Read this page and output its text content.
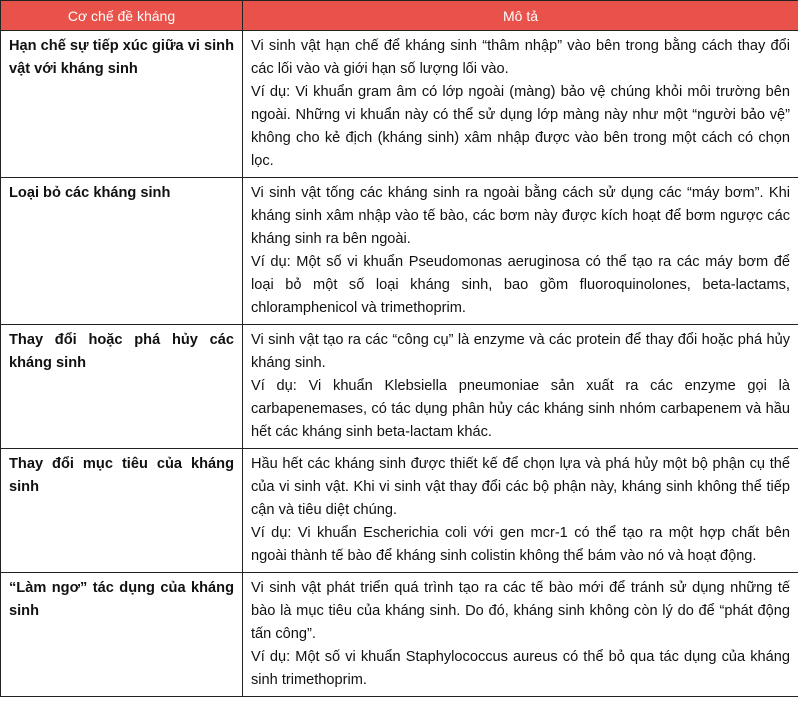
Cơ chế đề kháng	Mô tả
Hạn chế sự tiếp xúc giữa vi sinh vật với kháng sinh	Vi sinh vật hạn chế để kháng sinh “thâm nhập” vào bên trong bằng cách thay đổi các lối vào và giới hạn số lượng lối vào.

Ví dụ: Vi khuẩn gram âm có lớp ngoài (màng) bảo vệ chúng khỏi môi trường bên ngoài. Những vi khuẩn này có thể sử dụng lớp màng này như một “người bảo vệ” không cho kẻ địch (kháng sinh) xâm nhập được vào bên trong một cách có chọn lọc.

Loại bỏ các kháng sinh	Vi sinh vật tống các kháng sinh ra ngoài bằng cách sử dụng các “máy bơm”. Khi kháng sinh xâm nhập vào tế bào, các bơm này được kích hoạt để bơm ngược các kháng sinh ra bên ngoài.

Ví dụ: Một số vi khuẩn Pseudomonas aeruginosa có thể tạo ra các máy bơm để loại bỏ một số loại kháng sinh, bao gồm fluoroquinolones, beta-lactams, chloramphenicol và trimethoprim.

Thay đổi hoặc phá hủy các kháng sinh	Vi sinh vật tạo ra các “công cụ” là enzyme và các protein để thay đổi hoặc phá hủy kháng sinh.

Ví dụ: Vi khuẩn Klebsiella pneumoniae sản xuất ra các enzyme gọi là carbapenemases, có tác dụng phân hủy các kháng sinh nhóm carbapenem và hầu hết các kháng sinh beta-lactam khác.

Thay đổi mục tiêu của kháng sinh	Hầu hết các kháng sinh được thiết kế để chọn lựa và phá hủy một bộ phận cụ thể của vi sinh vật. Khi vi sinh vật thay đổi các bộ phận này, kháng sinh không thể tiếp cận và tiêu diệt chúng.

Ví dụ: Vi khuẩn Escherichia coli với gen mcr-1 có thể tạo ra một hợp chất bên ngoài thành tế bào để kháng sinh colistin không thể bám vào nó và hoạt động.

“Làm ngơ” tác dụng của kháng sinh	Vi sinh vật phát triển quá trình tạo ra các tế bào mới để tránh sử dụng những tế bào là mục tiêu của kháng sinh. Do đó, kháng sinh không còn lý do để “phát động tấn công”.

Ví dụ: Một số vi khuẩn Staphylococcus aureus có thể bỏ qua tác dụng của kháng sinh trimethoprim.
